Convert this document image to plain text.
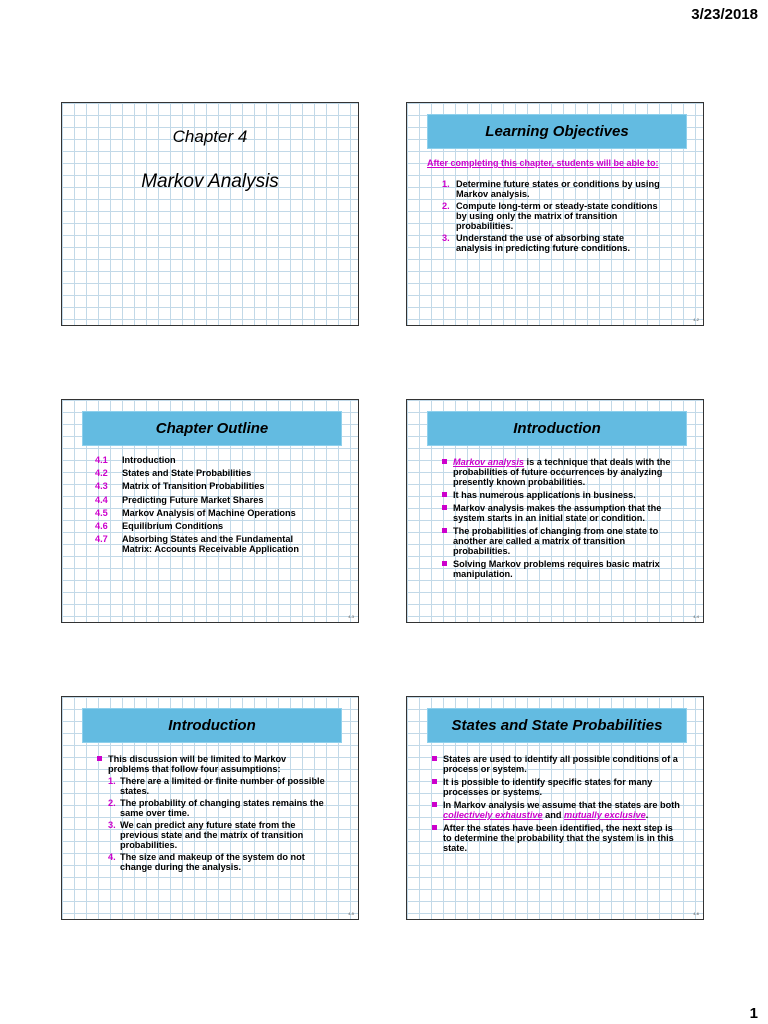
3/23/2018
Chapter 4
Markov Analysis
Learning Objectives
After completing this chapter, students will be able to:
1. Determine future states or conditions by using Markov analysis.
2. Compute long-term or steady-state conditions by using only the matrix of transition probabilities.
3. Understand the use of absorbing state analysis in predicting future conditions.
4-2
Chapter Outline
4.1	Introduction
4.2	States and State Probabilities
4.3	Matrix of Transition Probabilities
4.4	Predicting Future Market Shares
4.5	Markov Analysis of Machine Operations
4.6	Equilibrium Conditions
4.7	Absorbing States and the Fundamental Matrix: Accounts Receivable Application
4-3
Introduction
Markov analysis is a technique that deals with the probabilities of future occurrences by analyzing presently known probabilities.
It has numerous applications in business.
Markov analysis makes the assumption that the system starts in an initial state or condition.
The probabilities of changing from one state to another are called a matrix of transition probabilities.
Solving Markov problems requires basic matrix manipulation.
4-4
Introduction
This discussion will be limited to Markov problems that follow four assumptions:
1. There are a limited or finite number of possible states.
2. The probability of changing states remains the same over time.
3. We can predict any future state from the previous state and the matrix of transition probabilities.
4. The size and makeup of the system do not change during the analysis.
4-5
States and State Probabilities
States are used to identify all possible conditions of a process or system.
It is possible to identify specific states for many processes or systems.
In Markov analysis we assume that the states are both collectively exhaustive and mutually exclusive.
After the states have been identified, the next step is to determine the probability that the system is in this state.
4-6
1
